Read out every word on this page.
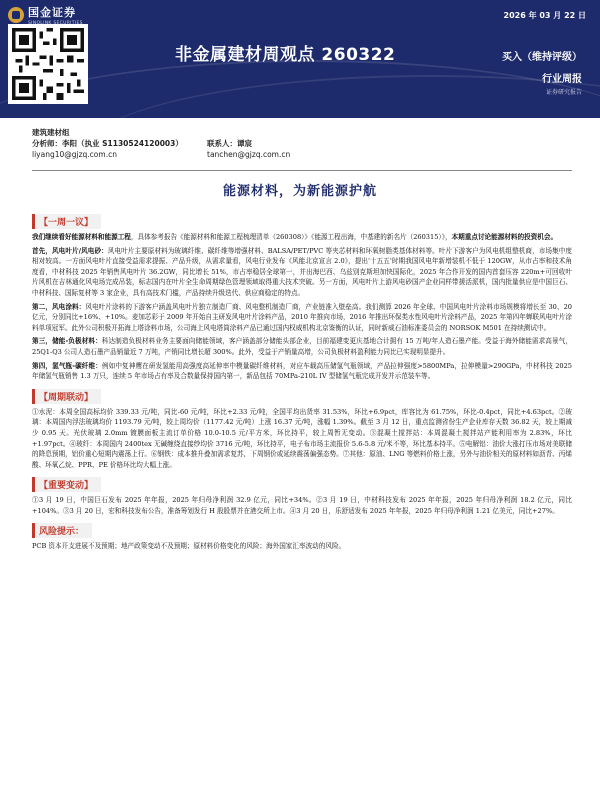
国金证券	2026 年 03 月 22 日
非金属建材周观点 260322	买入（维持评级）
行业周报
证券研究报告
建筑建材组
分析师：李阳（执业 S1130524120003）	联系人：谭宸
liyang10@gjzq.com.cn	tanchen@gjzq.com.cn
能源材料，为新能源护航
【一周一议】

我们继续看好能源材料和能源工程，具体参考报告《能源材料和能源工程梳理清单（260308）》《能源工程出海，中基建的新名片（260315）》，本期重点讨论能源材料的投资机会。

首先，风电叶片/风电砂：风电叶片主要原材料为玻璃纤维、碳纤维等增强材料、BALSA/PET/PVC 等夹芯材料和环氧树脂类基体材料等。叶片下游客户为风电机组整机商，市场集中度相对较高。一方面风电叶片直接受益需求提振、产品升级，从需求量看，风电行业发布《风能北京宣言 2.0》，提出'十五五'时期我国风电年新增装机不低于 120GW，从市占率和技术角度看，中材科技 2025 年销售风电叶片 36.2GW，同比增长 51%，市占率稳居全球第一，并出海巴西、乌兹别克斯坦加快国际化，2025 年合作开发的国内首套压容 220m+可回收叶片风机在吉林通化风电场完成吊装，标志国内在叶片全生命周期绿色管理领域取得重大技术突破。另一方面，风电叶片上游风电砂国产企业同样带援活派机，国内批量供应是中国巨石、中材科技、国际复材等 3 家企业，具有高技术门槛，产品持续升级迭代、供应商稳定的特点。

第二，风电涂料：风电叶片涂料的下游客户涵盖风电叶片独立制造厂商、风电整机制造厂商，产业链准入壁垒高。我们测算 2026 年全球、中国风电叶片涂料市场规模将增长至 30、20 亿元，分别同比+16%、+10%。麦加芯彩于 2009 年开始自主研发风电叶片涂料产品，2010 年推向市场，2016 年推出环保类水性风电叶片涂料产品，2025 年第四年蝉联风电叶片涂料单项冠军。此外公司积极开拓海上塔涂料市场，公司海上风电塔筒涂料产品已通过国内权威机构北京鉴衡的认证，同时新威石油标准委员会的 NORSOK M501 在持续测试中。

第三，储能-负极材料：科达制造负极材料业务主要面向储能领域，客户涵盖部分储能头部企业，目前福建变更庆基地合计拥有 15 万吨/年人造石墨产能。受益于海外储能需求高景气，25Q1-Q3 公司人造石墨产品销量近 7 万吨，产销同比增长超 300%。此外，受益于产销量高增，公司负极材料盈利能力同比已实现明显提升。

第四，氢气瓶-碳纤维：例如中复神鹰在研发氢能用高强度高延伸率中模量碳纤维材料，对应车载高压储氢气瓶领域，产品拉伸强度>5800MPa，拉伸模量>290GPa，中材科技 2025 年储氢气瓶销售 1.3 万只，连续 5 年市场占有率及合数量保持国内第一，新品包括 70MPa-210L IV 型储氢气瓶完成开发并示范装车等。

【周期联动】

①水泥：本周全国高标均价 339.33 元/吨，同比-60 元/吨，环比+2.33 元/吨，全国平均出货率 31.53%，环比+6.9pct，库容比为 61.75%，环比-0.4pct，同比+4.63pct。②玻璃：本周国内浮法玻璃均价 1193.79 元/吨，较上周均价（1177.42 元/吨）上涨 16.37 元/吨，涨幅 1.39%。截至 3 月 12 日，重点监测省份生产企业库存天数 36.82 天，较上期减少 0.95 天。光伏玻璃 2.0mm 镀膜面板主流订单价格 10.0-10.5 元/平方米，环比持平，较上周暂无变动。③混凝土搅拌站：本周混凝土搅拌站产能利用率为 2.83%，环比+1.97pct。④玻纤：本周国内 2400tex 无碱缠绕直接纱均价 3716 元/吨，环比持平，电子布市场主流报价 5.6-5.8 元/米不等，环比基本持平。⑤电解铝：油价大涨打压市场对美联储的降息预期，铝价重心短期内震荡上行。⑥钢铁：成本推升叠加需求复苏，下周钢价或延续震荡偏强态势。⑦其他：原油、LNG 等燃料价格上涨，另外与油价相关的原材料如沥青、丙烯酸、环氧乙烷、PPR、PE 价格环比均大幅上涨。

【重要变动】

①3 月 19 日，中国巨石发布 2025 年年报，2025 年归母净利润 32.9 亿元，同比+34%。②3 月 19 日，中材科技发布 2025 年年报，2025 年归母净利润 18.2 亿元，同比+104%。③3 月 20 日，宏和科技发布公告，准备筹划发行 H 股股票并在港交所上市。④3 月 20 日，乐舒适发布 2025 年年报，2025 年归母净利润 1.21 亿美元，同比+27%。

风险提示：

PCB 资本开支进展不及预期；地产政策变动不及预期；原材料价格变化的风险；海外国家汇率波动的风险。
